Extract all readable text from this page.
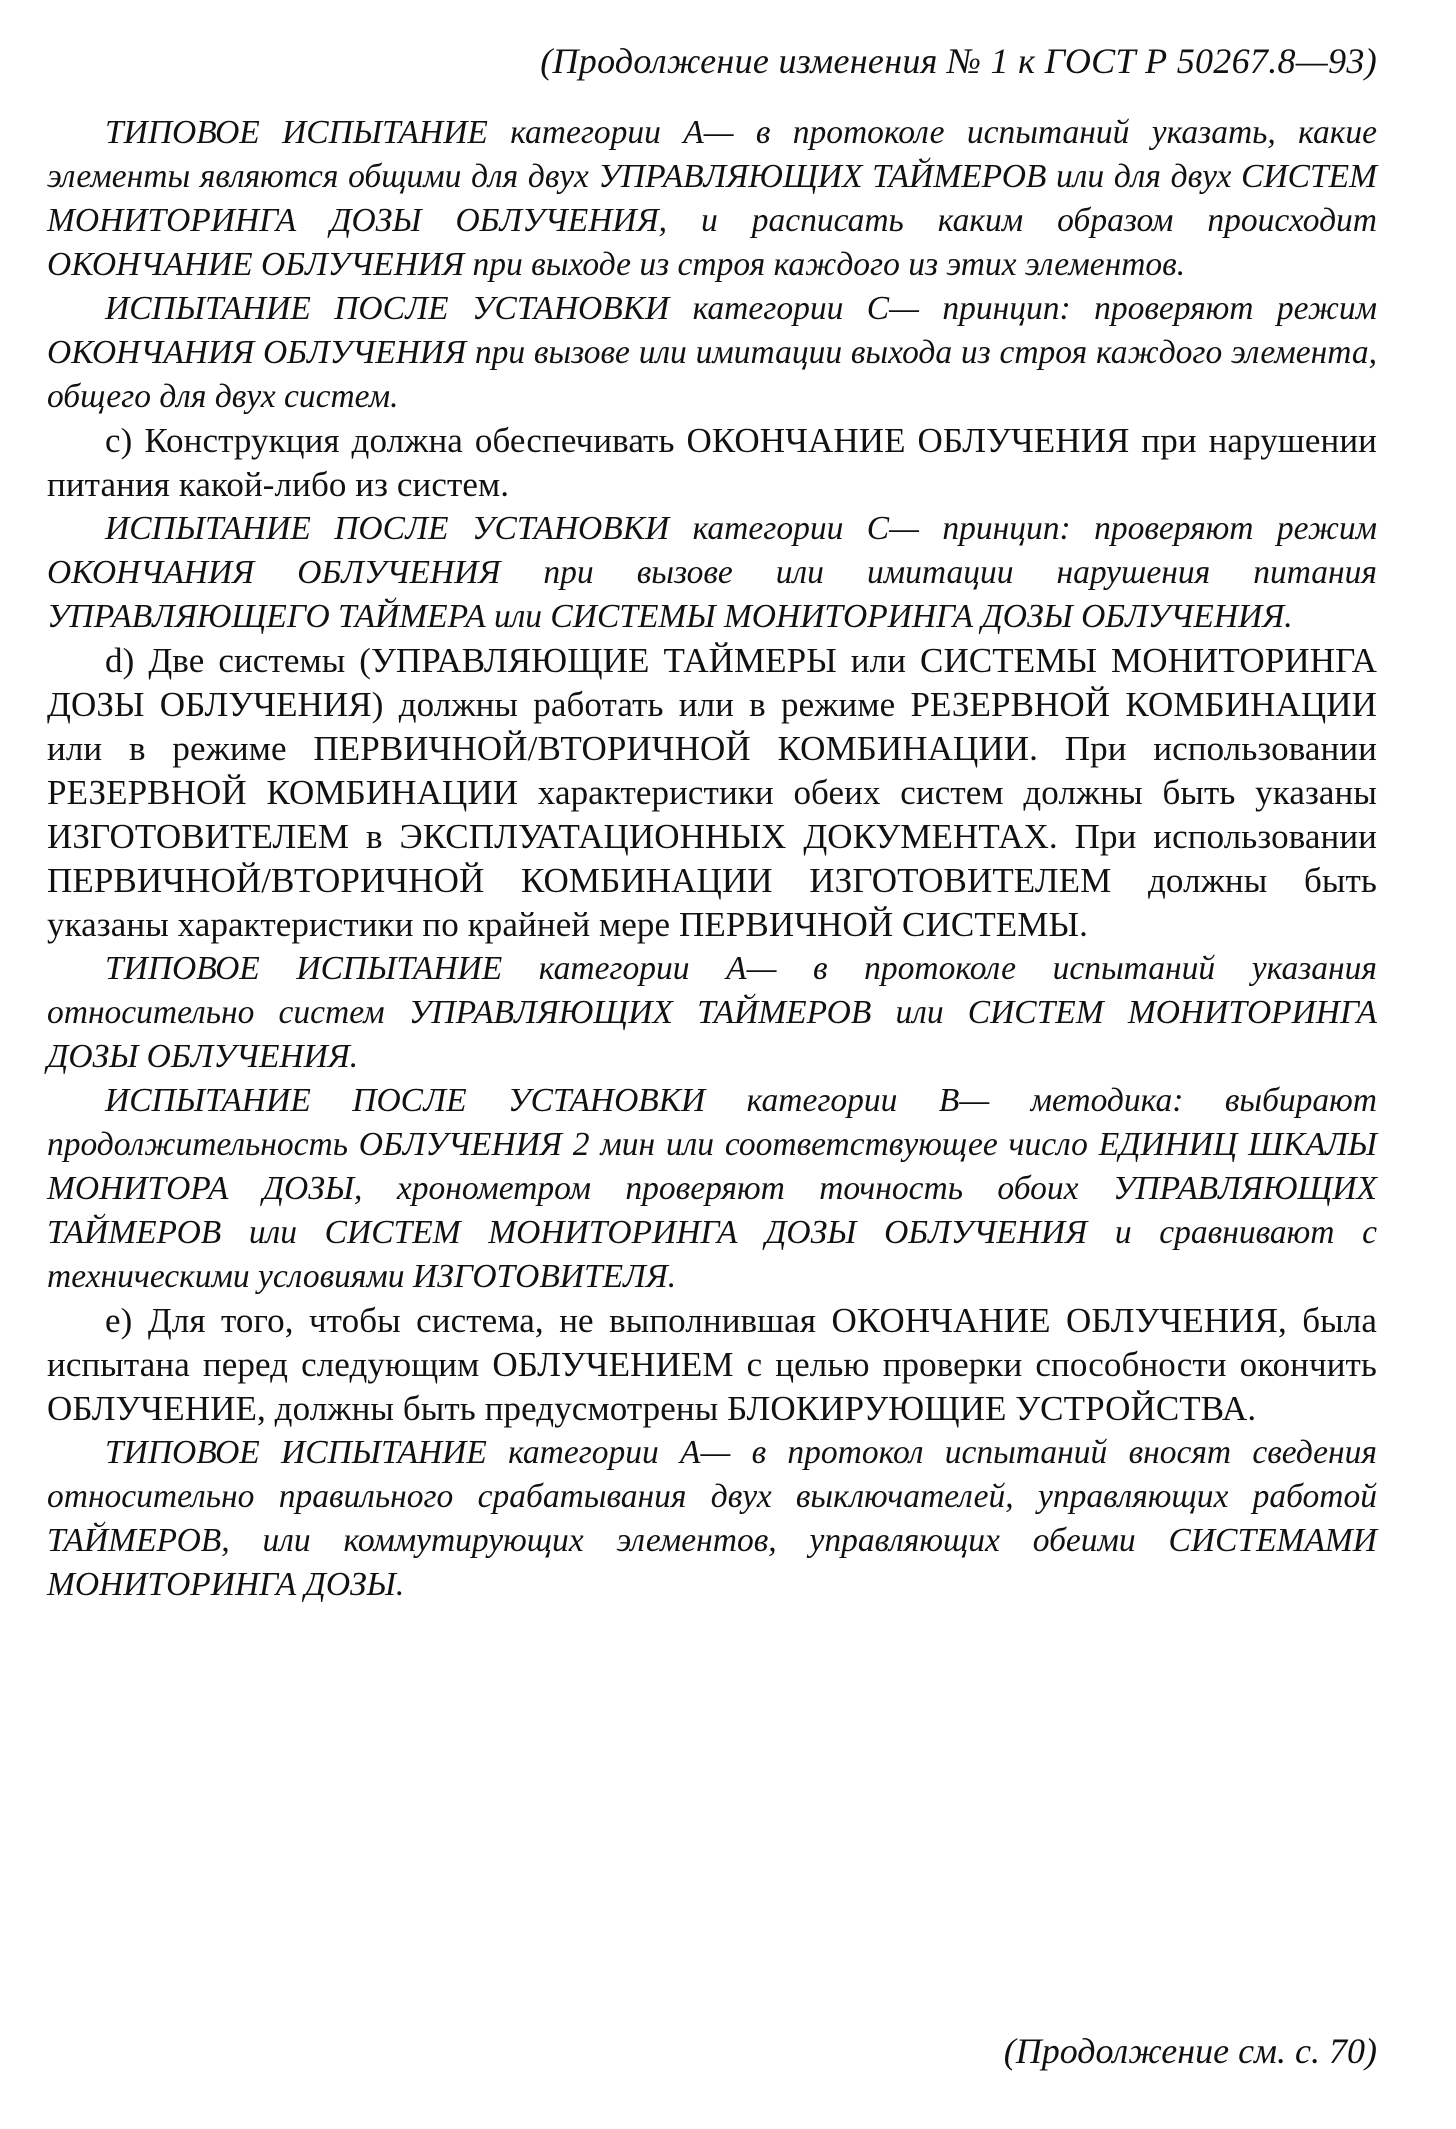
(Продолжение изменения № 1 к ГОСТ Р 50267.8—93)

ТИПОВОЕ ИСПЫТАНИЕ категории А— в протоколе испытаний указать, какие элементы являются общими для двух УПРАВЛЯЮЩИХ ТАЙМЕРОВ или для двух СИСТЕМ МОНИТОРИНГА ДОЗЫ ОБЛУЧЕНИЯ, и расписать каким образом происходит ОКОНЧАНИЕ ОБЛУЧЕНИЯ при выходе из строя каждого из этих элементов.

ИСПЫТАНИЕ ПОСЛЕ УСТАНОВКИ категории С— принцип: проверяют режим ОКОНЧАНИЯ ОБЛУЧЕНИЯ при вызове или имитации выхода из строя каждого элемента, общего для двух систем.

с) Конструкция должна обеспечивать ОКОНЧАНИЕ ОБЛУЧЕНИЯ при нарушении питания какой-либо из систем.

ИСПЫТАНИЕ ПОСЛЕ УСТАНОВКИ категории С— принцип: проверяют режим ОКОНЧАНИЯ ОБЛУЧЕНИЯ при вызове или имитации нарушения питания УПРАВЛЯЮЩЕГО ТАЙМЕРА или СИСТЕМЫ МОНИТОРИНГА ДОЗЫ ОБЛУЧЕНИЯ.

d) Две системы (УПРАВЛЯЮЩИЕ ТАЙМЕРЫ или СИСТЕМЫ МОНИТОРИНГА ДОЗЫ ОБЛУЧЕНИЯ) должны работать или в режиме РЕЗЕРВНОЙ КОМБИНАЦИИ или в режиме ПЕРВИЧНОЙ/ВТОРИЧНОЙ КОМБИНАЦИИ. При использовании РЕЗЕРВНОЙ КОМБИНАЦИИ характеристики обеих систем должны быть указаны ИЗГОТОВИТЕЛЕМ в ЭКСПЛУАТАЦИОННЫХ ДОКУМЕНТАХ. При использовании ПЕРВИЧНОЙ/ВТОРИЧНОЙ КОМБИНАЦИИ ИЗГОТОВИТЕЛЕМ должны быть указаны характеристики по крайней мере ПЕРВИЧНОЙ СИСТЕМЫ.

ТИПОВОЕ ИСПЫТАНИЕ категории А— в протоколе испытаний указания относительно систем УПРАВЛЯЮЩИХ ТАЙМЕРОВ или СИСТЕМ МОНИТОРИНГА ДОЗЫ ОБЛУЧЕНИЯ.

ИСПЫТАНИЕ ПОСЛЕ УСТАНОВКИ категории В— методика: выбирают продолжительность ОБЛУЧЕНИЯ 2 мин или соответствующее число ЕДИНИЦ ШКАЛЫ МОНИТОРА ДОЗЫ, хронометром проверяют точность обоих УПРАВЛЯЮЩИХ ТАЙМЕРОВ или СИСТЕМ МОНИТОРИНГА ДОЗЫ ОБЛУЧЕНИЯ и сравнивают с техническими условиями ИЗГОТОВИТЕЛЯ.

е) Для того, чтобы система, не выполнившая ОКОНЧАНИЕ ОБЛУЧЕНИЯ, была испытана перед следующим ОБЛУЧЕНИЕМ с целью проверки способности окончить ОБЛУЧЕНИЕ, должны быть предусмотрены БЛОКИРУЮЩИЕ УСТРОЙСТВА.

ТИПОВОЕ ИСПЫТАНИЕ категории А— в протокол испытаний вносят сведения относительно правильного срабатывания двух выключателей, управляющих работой ТАЙМЕРОВ, или коммутирующих элементов, управляющих обеими СИСТЕМАМИ МОНИТОРИНГА ДОЗЫ.

(Продолжение см. с. 70)
